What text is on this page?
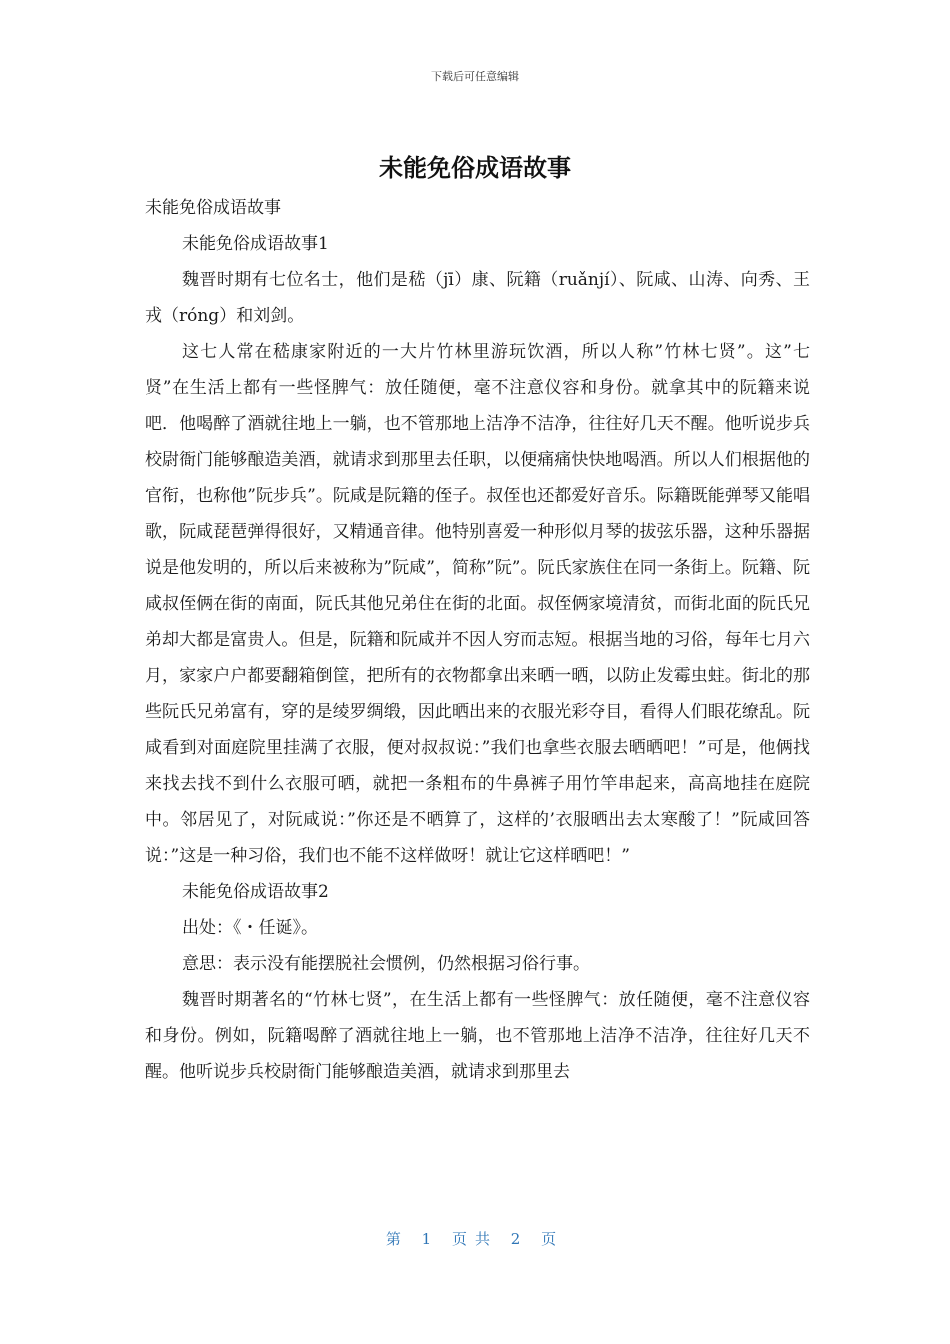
下载后可任意编辑
未能免俗成语故事

未能免俗成语故事

未能免俗成语故事1

魏晋时期有七位名士，他们是嵇（jī）康、阮籍（ruǎnjí）、阮咸、山涛、向秀、王戎（róng）和刘剑。

这七人常在嵇康家附近的一大片竹林里游玩饮酒，所以人称”竹林七贤”。这”七贤”在生活上都有一些怪脾气：放任随便，毫不注意仪容和身份。就拿其中的阮籍来说吧．他喝醉了酒就往地上一躺，也不管那地上洁净不洁净，往往好几天不醒。他听说步兵校尉衙门能够酿造美酒，就请求到那里去任职，以便痛痛快快地喝酒。所以人们根据他的官衔，也称他”阮步兵”。阮咸是阮籍的侄子。叔侄也还都爱好音乐。际籍既能弹琴又能唱歌，阮咸琵琶弹得很好，又精通音律。他特别喜爱一种形似月琴的拔弦乐器，这种乐器据说是他发明的，所以后来被称为”阮咸”，简称”阮”。阮氏家族住在同一条街上。阮籍、阮咸叔侄俩在街的南面，阮氏其他兄弟住在街的北面。叔侄俩家境清贫，而街北面的阮氏兄弟却大都是富贵人。但是，阮籍和阮咸并不因人穷而志短。根据当地的习俗，每年七月六月，家家户户都要翻箱倒筐，把所有的衣物都拿出来晒一晒，以防止发霉虫蛀。街北的那些阮氏兄弟富有，穿的是绫罗绸缎，因此晒出来的衣服光彩夺目，看得人们眼花缭乱。阮咸看到对面庭院里挂满了衣服，便对叔叔说：”我们也拿些衣服去晒晒吧！”可是，他俩找来找去找不到什么衣服可晒，就把一条粗布的牛鼻裤子用竹竿串起来，高高地挂在庭院中。邻居见了，对阮咸说：”你还是不晒算了，这样的’衣服晒出去太寒酸了！”阮咸回答说：”这是一种习俗，我们也不能不这样做呀！就让它这样晒吧！”

未能免俗成语故事2

出处：《・任诞》。

意思：表示没有能摆脱社会惯例，仍然根据习俗行事。

魏晋时期著名的“竹林七贤”，在生活上都有一些怪脾气：放任随便，毫不注意仪容和身份。例如，阮籍喝醉了酒就往地上一躺，也不管那地上洁净不洁净，往往好几天不醒。他听说步兵校尉衙门能够酿造美酒，就请求到那里去

第 1 页共 2 页
